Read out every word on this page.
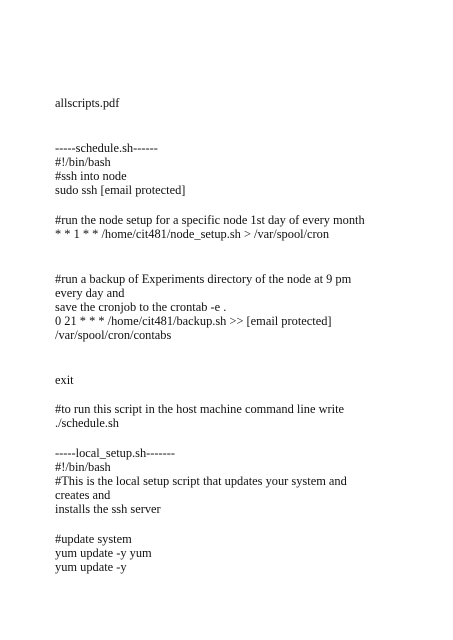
allscripts.pdf

-----schedule.sh------

#!/bin/bash

#ssh into node

sudo ssh [email protected]

#run the node setup for a specific node 1st day of every month

* * 1 * * /home/cit481/node_setup.sh > /var/spool/cron

#run a backup of Experiments directory of the node at 9 pm

every day and

save the cronjob to the crontab -e .

0 21 * * * /home/cit481/backup.sh >> [email protected]

/var/spool/cron/contabs

exit

#to run this script in the host machine command line write

./schedule.sh

-----local_setup.sh-------

#!/bin/bash

#This is the local setup script that updates your system and

creates and

installs the ssh server

#update system

yum update -y yum

yum update -y
